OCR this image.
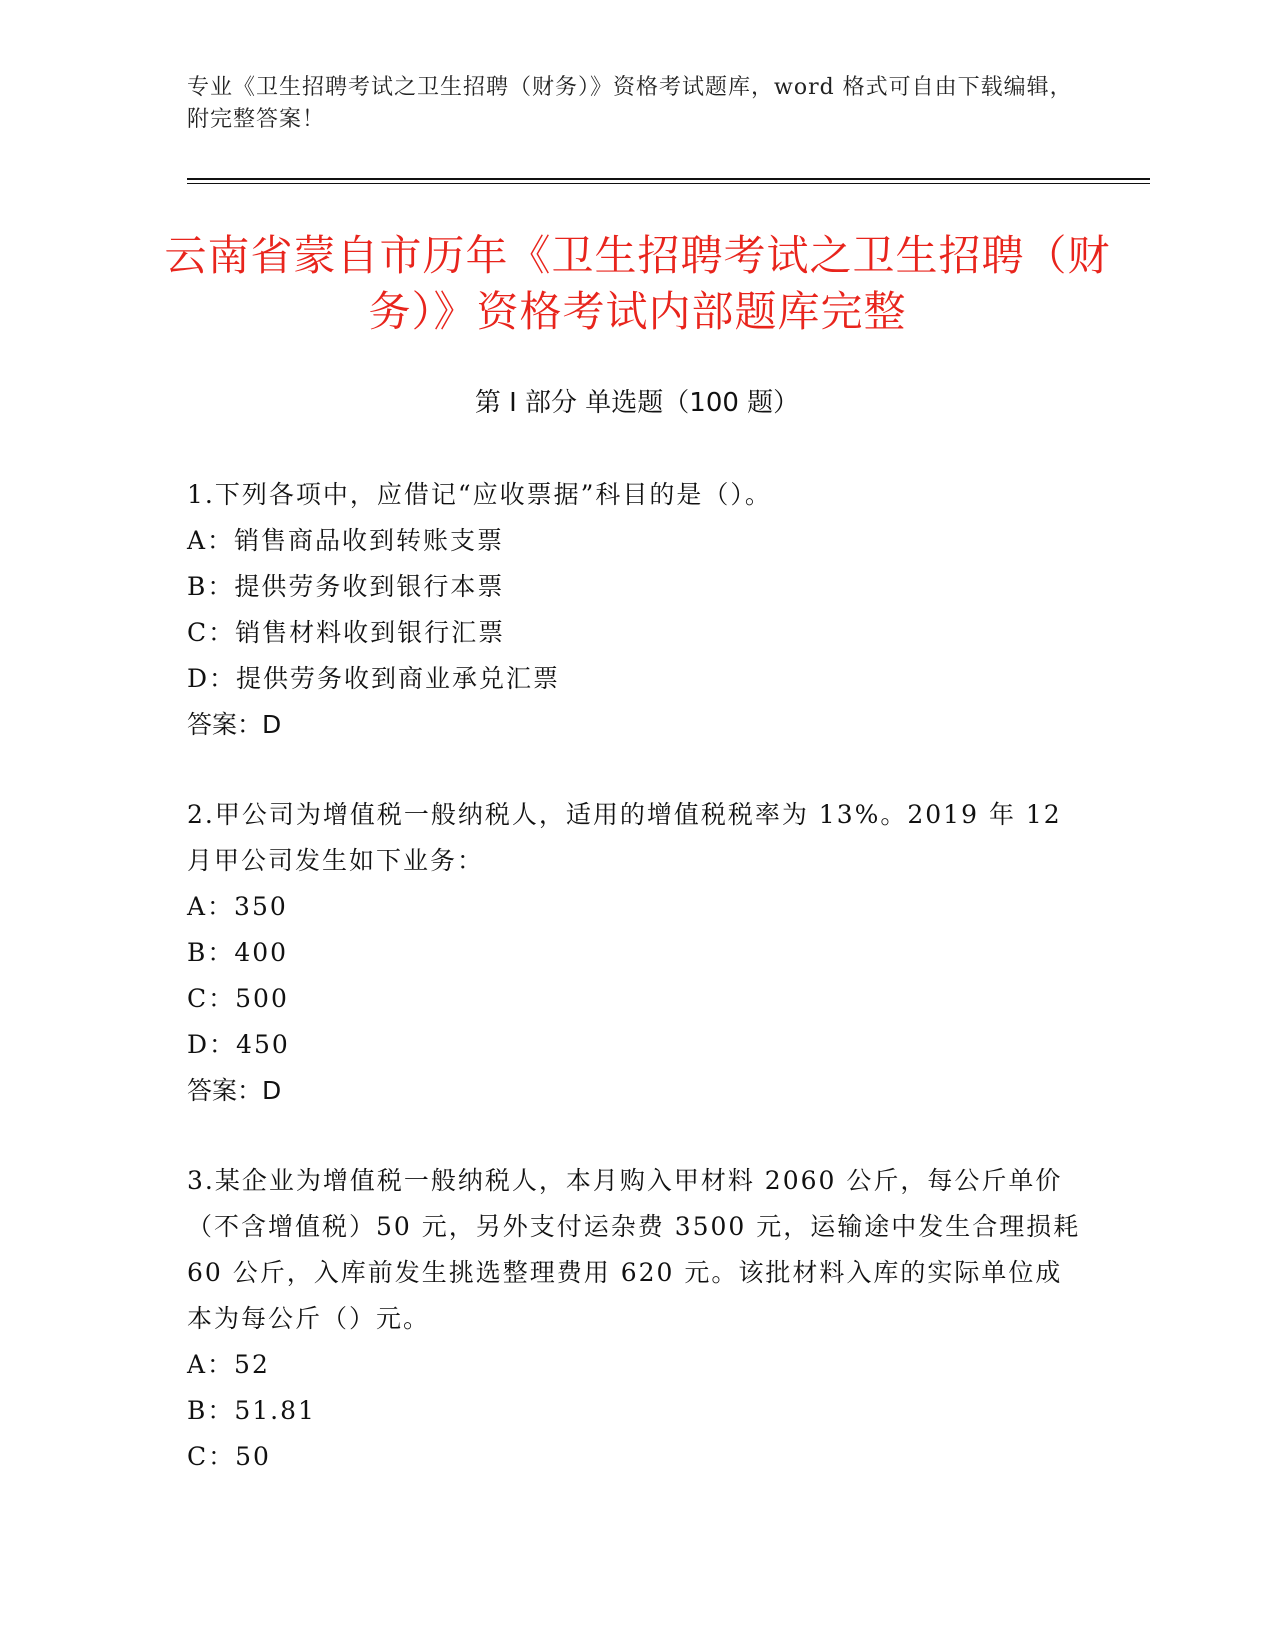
专业《卫生招聘考试之卫生招聘（财务）》资格考试题库，word 格式可自由下载编辑，附完整答案！
云南省蒙自市历年《卫生招聘考试之卫生招聘（财务）》资格考试内部题库完整
第 I 部分 单选题（100 题）
1.下列各项中，应借记“应收票据”科目的是（）。
A：销售商品收到转账支票
B：提供劳务收到银行本票
C：销售材料收到银行汇票
D：提供劳务收到商业承兑汇票
答案：D
2.甲公司为增值税一般纳税人，适用的增值税税率为 13%。2019 年 12 月甲公司发生如下业务：
A：350
B：400
C：500
D：450
答案：D
3.某企业为增值税一般纳税人，本月购入甲材料 2060 公斤，每公斤单价（不含增值税）50 元，另外支付运杂费 3500 元，运输途中发生合理损耗 60 公斤，入库前发生挑选整理费用 620 元。该批材料入库的实际单位成本为每公斤（）元。
A：52
B：51.81
C：50
